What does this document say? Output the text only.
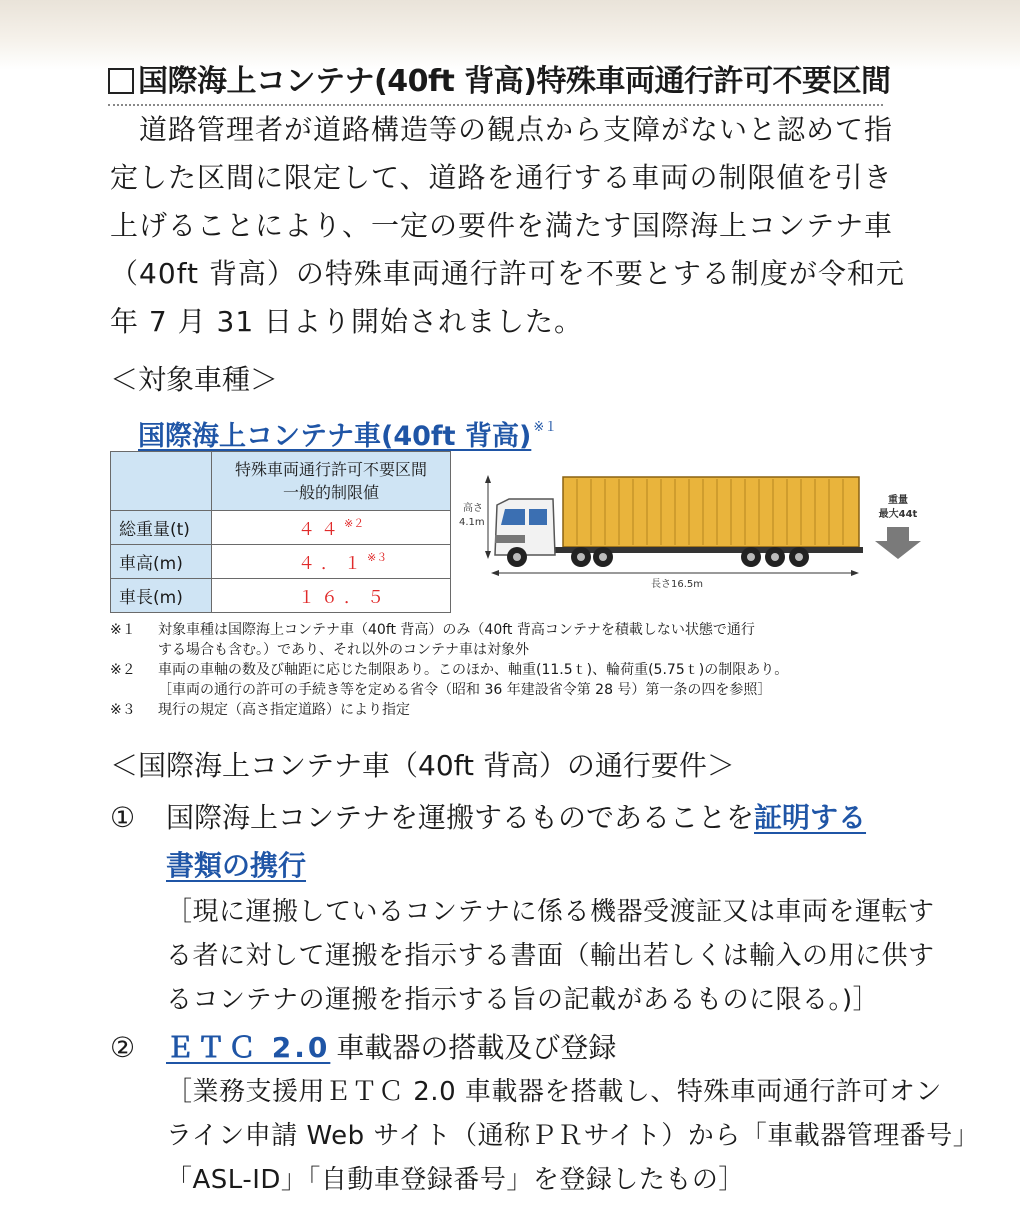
国際海上コンテナ(40ft 背高)特殊車両通行許可不要区間
　道路管理者が道路構造等の観点から支障がないと認めて指
定した区間に限定して、道路を通行する車両の制限値を引き
上げることにより、一定の要件を満たす国際海上コンテナ車
（40ft 背高）の特殊車両通行許可を不要とする制度が令和元
年 7 月 31 日より開始されました。
＜対象車種＞
国際海上コンテナ車(40ft 背高) $^{※1}$

	特殊車両通行許可不要区間
一般的制限値

総重量(t)	４４$^{※2}$
車高(m)	４．１$^{※3}$
車長(m)	１６．５
高さ
4.1m
長さ16.5m
重量
最大44t
※１	対象車種は国際海上コンテナ車（40ft 背高）のみ（40ft 背高コンテナを積載しない状態で通行
する場合も含む。）であり、それ以外のコンテナ車は対象外
※２	車両の車軸の数及び軸距に応じた制限あり。このほか、軸重(11.5ｔ)、輪荷重(5.75ｔ)の制限あり。
［車両の通行の許可の手続き等を定める省令（昭和 36 年建設省令第 28 号）第一条の四を参照］
※３	現行の規定（高さ指定道路）により指定
＜国際海上コンテナ車（40ft 背高）の通行要件＞
① 国際海上コンテナを運搬するものであることを証明する
書類の携行
［現に運搬しているコンテナに係る機器受渡証又は車両を運転す
る者に対して運搬を指示する書面（輸出若しくは輸入の用に供す
るコンテナの運搬を指示する旨の記載があるものに限る。)］
② ＥＴＣ 2.0 車載器の搭載及び登録
［業務支援用ＥＴＣ 2.0 車載器を搭載し、特殊車両通行許可オン
ライン申請 Web サイト（通称ＰＲサイト）から「車載器管理番号」
「ASL-ID」「自動車登録番号」を登録したもの］
